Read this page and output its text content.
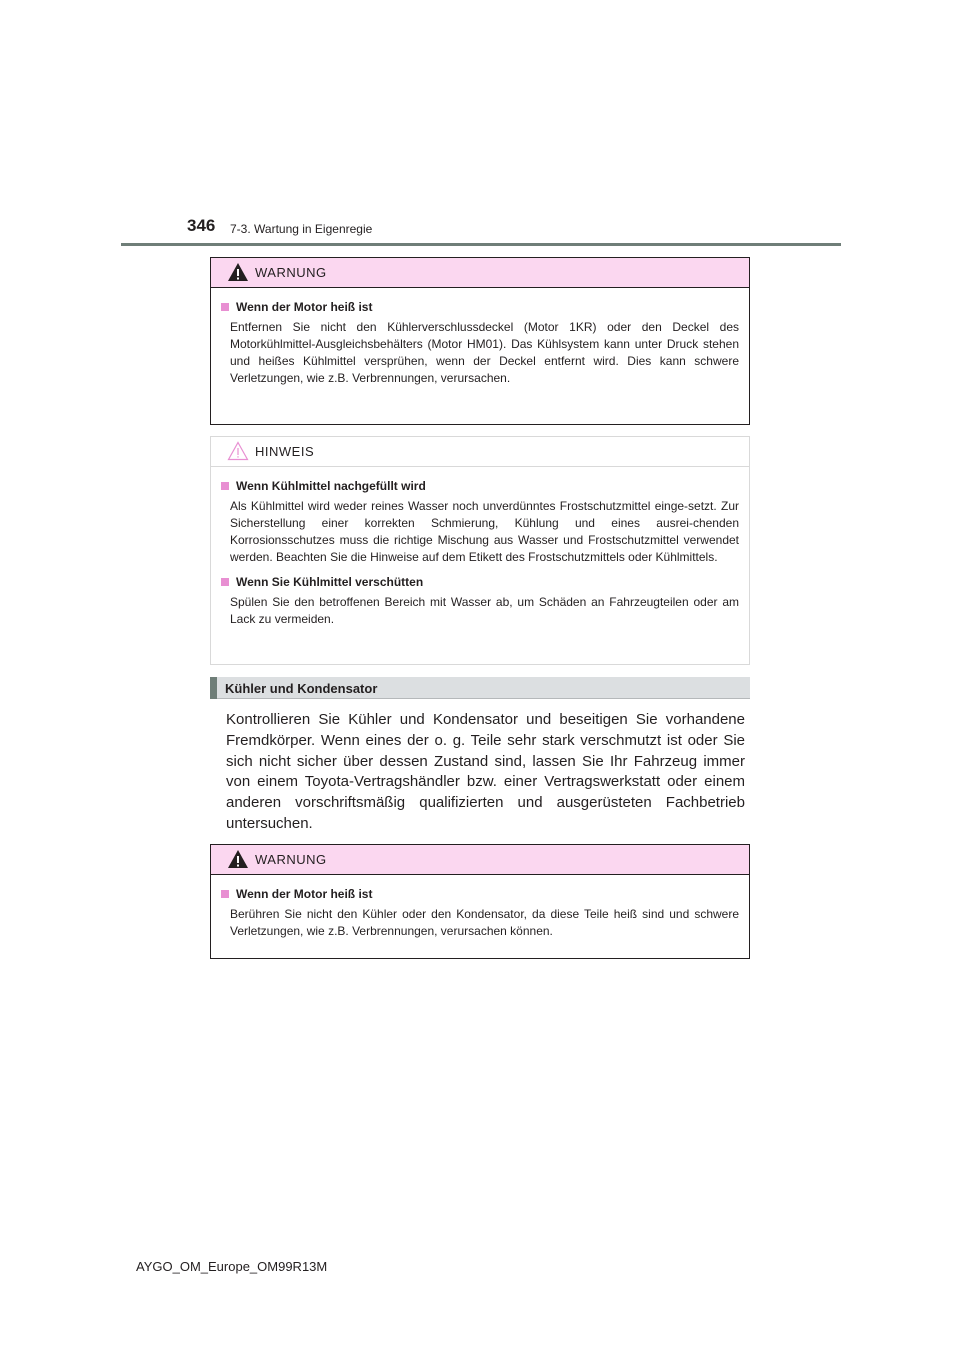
346 7-3. Wartung in Eigenregie
WARNUNG
Wenn der Motor heiß ist
Entfernen Sie nicht den Kühlerverschlussdeckel (Motor 1KR) oder den Deckel des Motorkühlmittel-Ausgleichsbehälters (Motor HM01). Das Kühlsystem kann unter Druck stehen und heißes Kühlmittel versprühen, wenn der Deckel entfernt wird. Dies kann schwere Verletzungen, wie z.B. Verbrennungen, verursachen.
HINWEIS
Wenn Kühlmittel nachgefüllt wird
Als Kühlmittel wird weder reines Wasser noch unverdünntes Frostschutzmittel einge-setzt. Zur Sicherstellung einer korrekten Schmierung, Kühlung und eines ausrei-chenden Korrosionsschutzes muss die richtige Mischung aus Wasser und Frostschutzmittel verwendet werden. Beachten Sie die Hinweise auf dem Etikett des Frostschutzmittels oder Kühlmittels.
Wenn Sie Kühlmittel verschütten
Spülen Sie den betroffenen Bereich mit Wasser ab, um Schäden an Fahrzeugteilen oder am Lack zu vermeiden.
Kühler und Kondensator
Kontrollieren Sie Kühler und Kondensator und beseitigen Sie vorhandene Fremdkörper. Wenn eines der o. g. Teile sehr stark verschmutzt ist oder Sie sich nicht sicher über dessen Zustand sind, lassen Sie Ihr Fahrzeug immer von einem Toyota-Vertragshändler bzw. einer Vertragswerkstatt oder einem anderen vorschriftsmäßig qualifizierten und ausgerüsteten Fachbetrieb untersuchen.
WARNUNG
Wenn der Motor heiß ist
Berühren Sie nicht den Kühler oder den Kondensator, da diese Teile heiß sind und schwere Verletzungen, wie z.B. Verbrennungen, verursachen können.
AYGO_OM_Europe_OM99R13M
